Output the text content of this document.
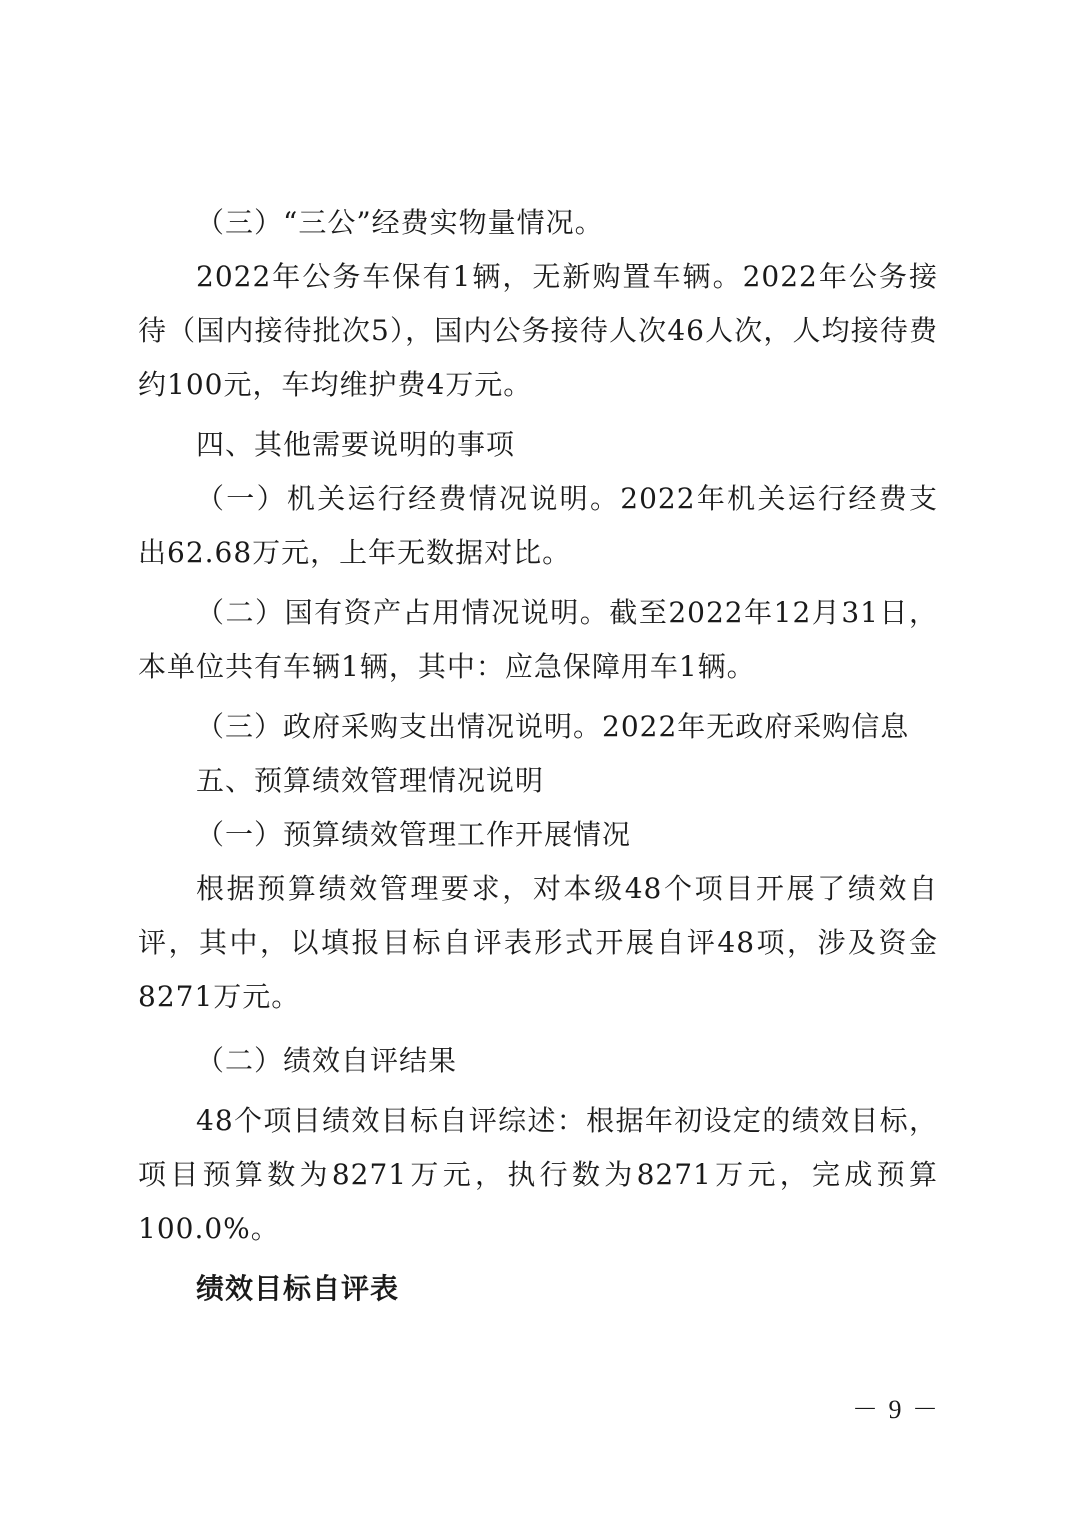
（三）“三公”经费实物量情况。

2022年公务车保有1辆，无新购置车辆。2022年公务接待（国内接待批次5），国内公务接待人次46人次，人均接待费约100元，车均维护费4万元。

四、其他需要说明的事项

（一）机关运行经费情况说明。2022年机关运行经费支出62.68万元，上年无数据对比。

（二）国有资产占用情况说明。截至2022年12月31日，本单位共有车辆1辆，其中：应急保障用车1辆。

（三）政府采购支出情况说明。2022年无政府采购信息

五、预算绩效管理情况说明

（一）预算绩效管理工作开展情况

根据预算绩效管理要求，对本级48个项目开展了绩效自评，其中，以填报目标自评表形式开展自评48项，涉及资金8271万元。

（二）绩效自评结果

48个项目绩效目标自评综述：根据年初设定的绩效目标，项目预算数为8271万元，执行数为8271万元，完成预算100.0%。

绩效目标自评表

－ 9 －
